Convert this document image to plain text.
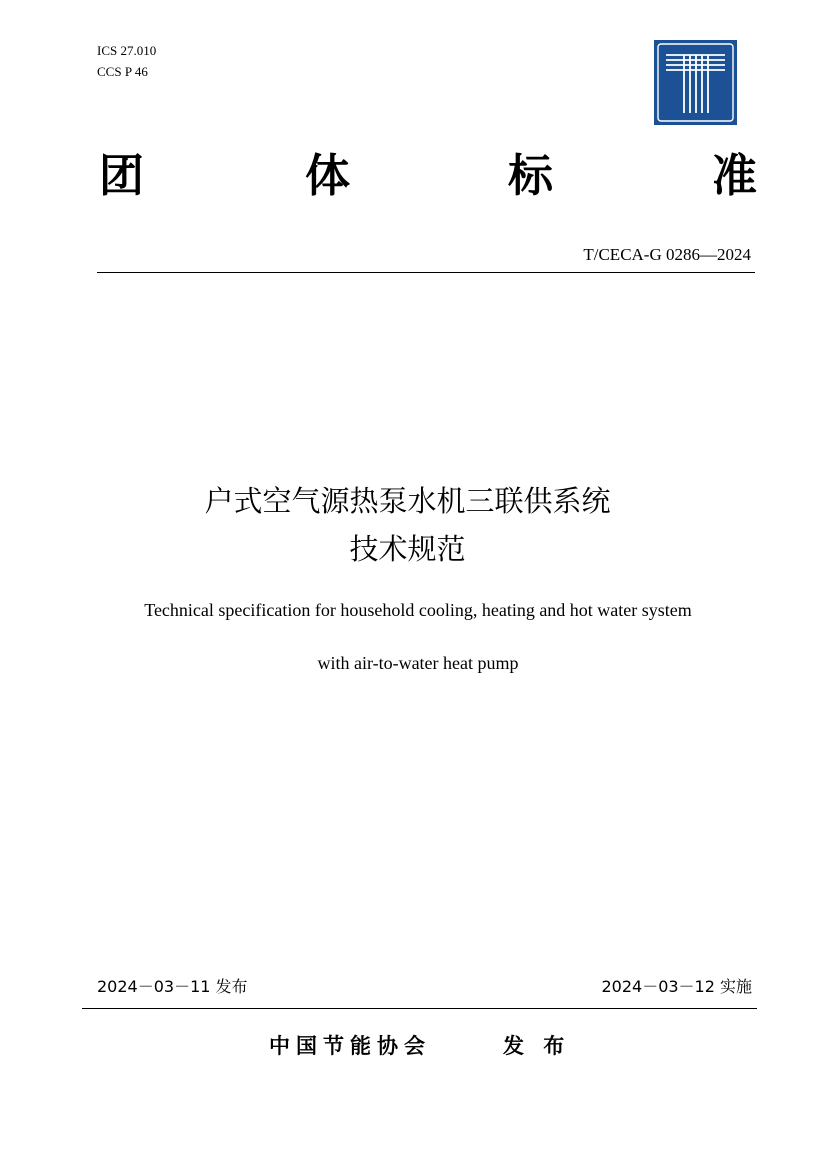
ICS 27.010
CCS P 46
团	体	标	准
T/CECA-G 0286—2024
户式空气源热泵水机三联供系统
技术规范
Technical specification for household cooling, heating and hot water system
with air-to-water heat pump
2024－03－11 发布	2024－03－12 实施
中国节能协会	发 布
